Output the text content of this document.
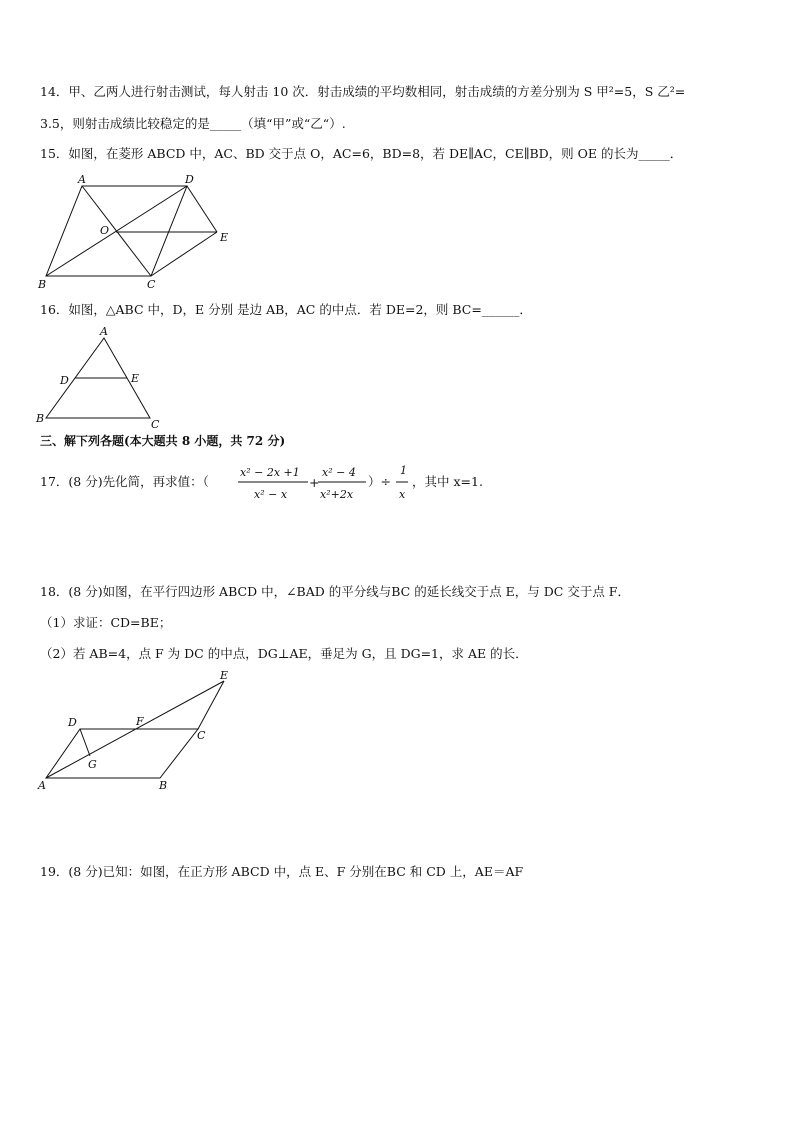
14．甲、乙两人进行射击测试，每人射击 10 次．射击成绩的平均数相同，射击成绩的方差分别为 S 甲²=5，S 乙²=
3.5，则射击成绩比较稳定的是_____（填“甲”或“乙“）.
15．如图，在菱形 ABCD 中，AC、BD 交于点 O，AC=6，BD=8，若 DE∥AC，CE∥BD，则 OE 的长为_____．
A	D
O
E
B	C
16．如图，△ABC 中，D，E 分别 是边 AB，AC 的中点．若 DE=2，则 BC=______．
A
D	E
B	C
三、解下列各题(本大题共 8 小题，共 72 分)
17．(8 分)先化简，再求值：（
x² − 2x +1
x² − x
+
x² − 4
x²+2x
）÷
1
x
，其中 x=1.
18．(8 分)如图，在平行四边形 ABCD 中，∠BAD 的平分线与BC 的延长线交于点 E，与 DC 交于点 F．
（1）求证：CD=BE；
（2）若 AB=4，点 F 为 DC 的中点，DG⊥AE，垂足为 G，且 DG=1，求 AE 的长．
E
D	F
C
G
A	B
19．(8 分)已知：如图，在正方形 ABCD 中，点 E、F 分别在BC 和 CD 上，AE＝AF
